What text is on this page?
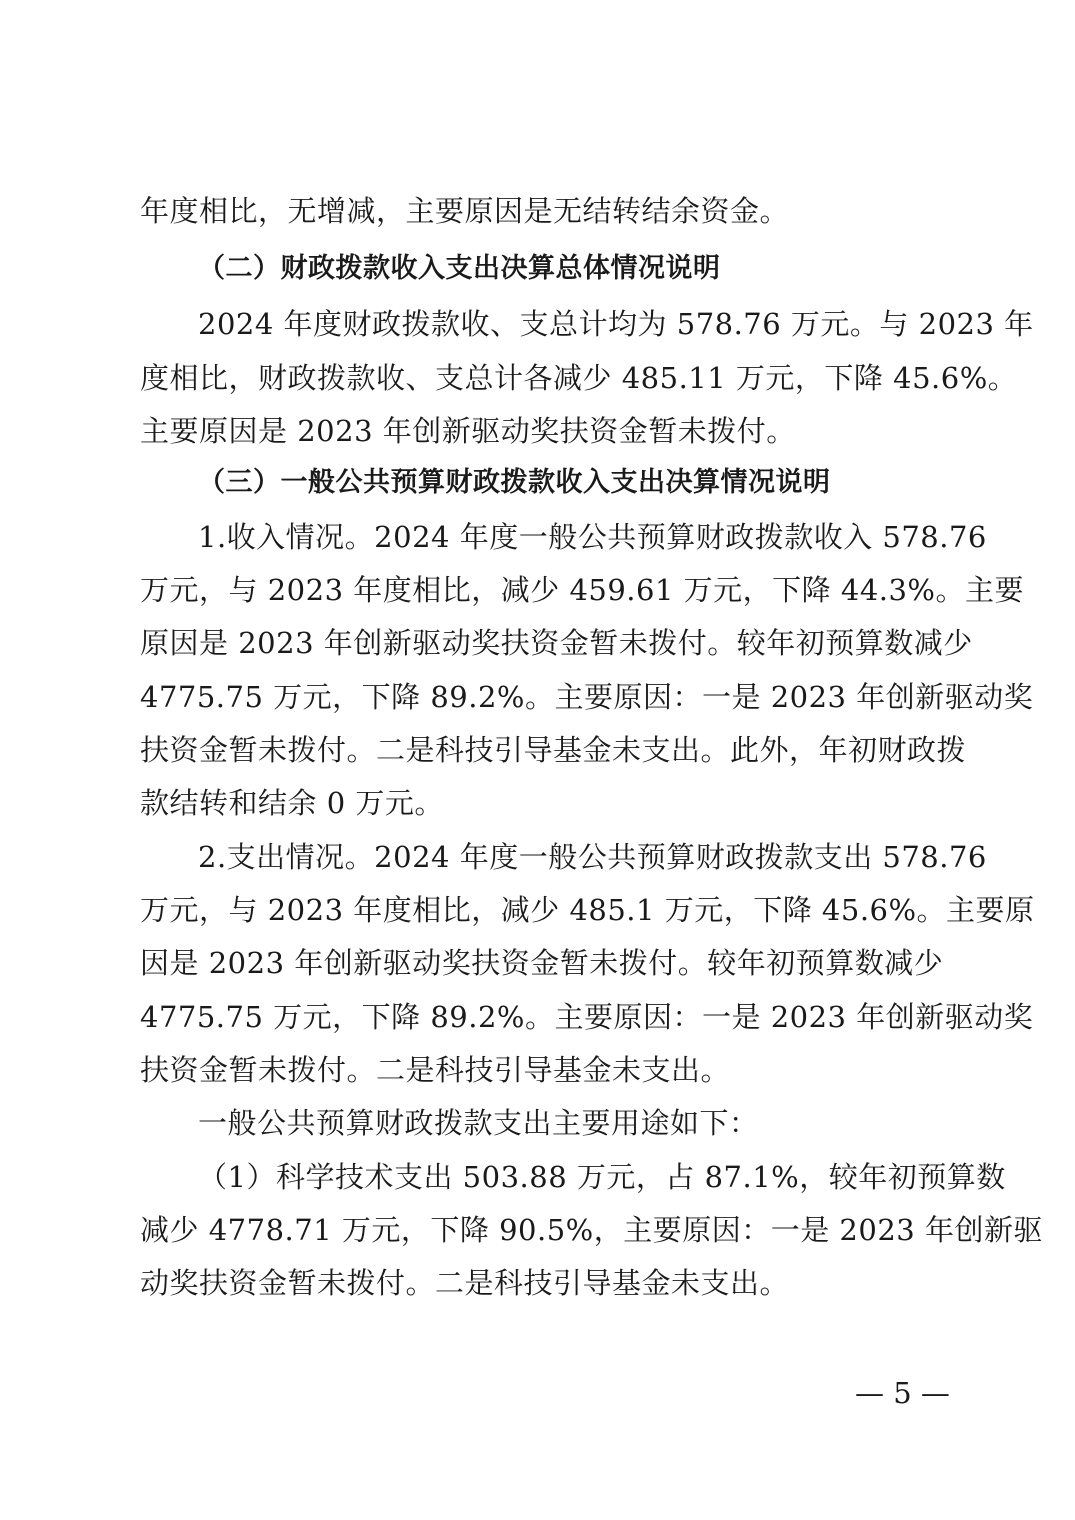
年度相比，无增减，主要原因是无结转结余资金。
（二）财政拨款收入支出决算总体情况说明
2024 年度财政拨款收、支总计均为 578.76 万元。与 2023 年
度相比，财政拨款收、支总计各减少 485.11 万元，下降 45.6%。
主要原因是 2023 年创新驱动奖扶资金暂未拨付。
（三）一般公共预算财政拨款收入支出决算情况说明
1.收入情况。2024 年度一般公共预算财政拨款收入 578.76
万元，与 2023 年度相比，减少 459.61 万元，下降 44.3%。主要
原因是 2023 年创新驱动奖扶资金暂未拨付。较年初预算数减少
4775.75 万元，下降 89.2%。主要原因：一是 2023 年创新驱动奖
扶资金暂未拨付。二是科技引导基金未支出。此外，年初财政拨
款结转和结余 0 万元。
2.支出情况。2024 年度一般公共预算财政拨款支出 578.76
万元，与 2023 年度相比，减少 485.1 万元，下降 45.6%。主要原
因是 2023 年创新驱动奖扶资金暂未拨付。较年初预算数减少
4775.75 万元，下降 89.2%。主要原因：一是 2023 年创新驱动奖
扶资金暂未拨付。二是科技引导基金未支出。
一般公共预算财政拨款支出主要用途如下：
（1）科学技术支出 503.88 万元，占 87.1%，较年初预算数
减少 4778.71 万元，下降 90.5%，主要原因：一是 2023 年创新驱
动奖扶资金暂未拨付。二是科技引导基金未支出。
— 5 —
